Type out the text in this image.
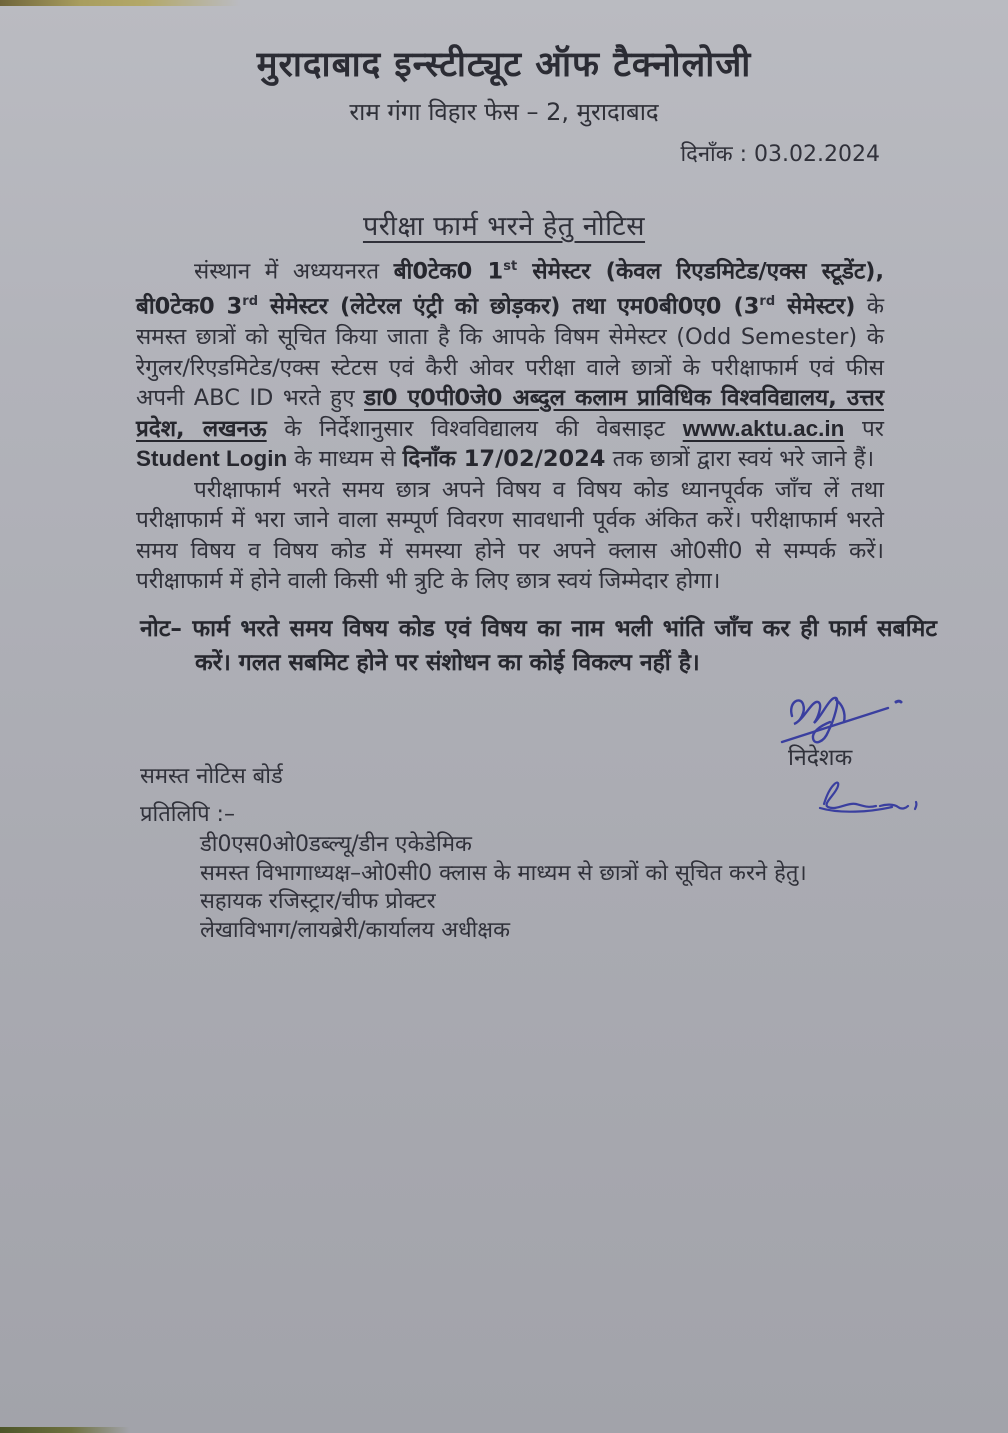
मुरादाबाद इन्स्टीट्यूट ऑफ टैक्नोलोजी
राम गंगा विहार फेस – 2, मुरादाबाद
दिनाँक : 03.02.2024
परीक्षा फार्म भरने हेतु नोटिस

संस्थान में अध्ययनरत बी0टेक0 1st सेमेस्टर (केवल रिएडमिटेड/एक्स स्टूडेंट), बी0टेक0 3rd सेमेस्टर (लेटेरल एंट्री को छोड़कर) तथा एम0बी0ए0 (3rd सेमेस्टर) के समस्त छात्रों को सूचित किया जाता है कि आपके विषम सेमेस्टर (Odd Semester) के रेगुलर/रिएडमिटेड/एक्स स्टेटस एवं कैरी ओवर परीक्षा वाले छात्रों के परीक्षाफार्म एवं फीस अपनी ABC ID भरते हुए डा0 ए0पी0जे0 अब्दुल कलाम प्राविधिक विश्वविद्यालय, उत्तर प्रदेश, लखनऊ के निर्देशानुसार विश्वविद्यालय की वेबसाइट www.aktu.ac.in पर Student Login के माध्यम से दिनाँक 17/02/2024 तक छात्रों द्वारा स्वयं भरे जाने हैं।

परीक्षाफार्म भरते समय छात्र अपने विषय व विषय कोड ध्यानपूर्वक जाँच लें तथा परीक्षाफार्म में भरा जाने वाला सम्पूर्ण विवरण सावधानी पूर्वक अंकित करें। परीक्षाफार्म भरते समय विषय व विषय कोड में समस्या होने पर अपने क्लास ओ0सी0 से सम्पर्क करें। परीक्षाफार्म में होने वाली किसी भी त्रुटि के लिए छात्र स्वयं जिम्मेदार होगा।

नोट– फार्म भरते समय विषय कोड एवं विषय का नाम भली भांति जाँच कर ही फार्म सबमिट करें। गलत सबमिट होने पर संशोधन का कोई विकल्प नहीं है।
निदेशक
समस्त नोटिस बोर्ड
प्रतिलिपि :–
डी0एस0ओ0डब्ल्यू/डीन एकेडेमिक
समस्त विभागाध्यक्ष–ओ0सी0 क्लास के माध्यम से छात्रों को सूचित करने हेतु।
सहायक रजिस्ट्रार/चीफ प्रोक्टर
लेखाविभाग/लायब्रेरी/कार्यालय अधीक्षक
